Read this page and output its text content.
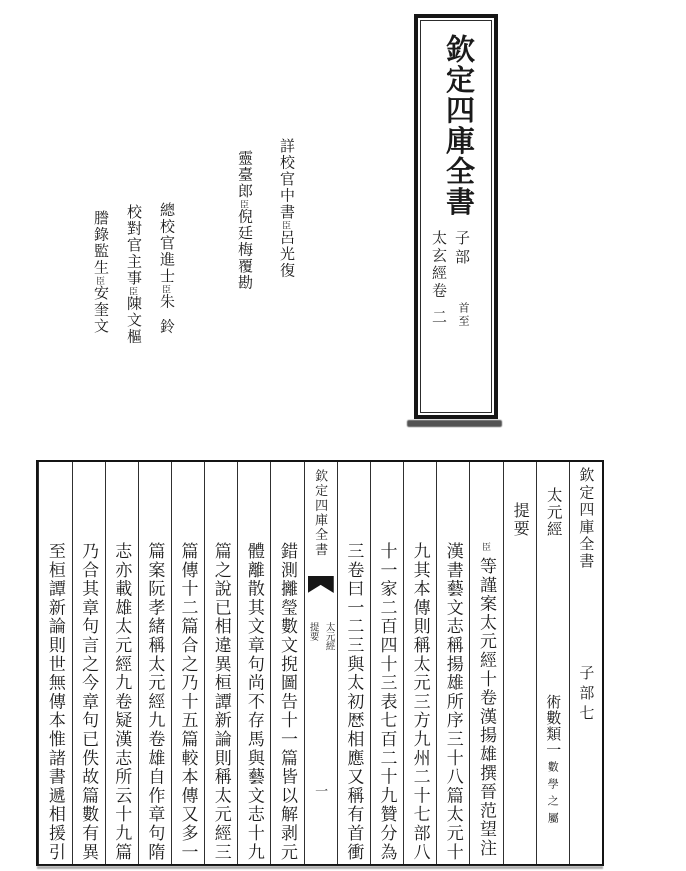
欽定四庫全書
子部
太玄經卷二 首至
詳校官中書臣呂光復
靈臺郎臣倪廷梅覆勘
總校官進士臣朱鈴
校對官主事臣陳文樞
謄錄監生臣安奎文
欽定四庫全書
子部七
太元經
術數類一數學之屬
提要
臣等謹案太元經十卷漢揚雄撰晉范望注
漢書藝文志稱揚雄所序三十八篇太元十
九其本傳則稱太元三方九州二十七部八
十一家二百四十三表七百二十九贊分為
三卷曰一二三與太初厯相應又稱有首衝
欽定四庫全書
太元經
提要
一
錯測攡瑩數文掜圖告十一篇皆以解剥元
體離散其文章句尚不存馬與藝文志十九
篇之說已相違異桓譚新論則稱太元經三
篇傳十二篇合之乃十五篇較本傳又多一
篇案阮孝緒稱太元經九卷雄自作章句隋
志亦載雄太元經九卷疑漢志所云十九篇
乃合其章句言之今章句已佚故篇數有異
至桓譚新論則世無傳本惟諸書遞相援引
